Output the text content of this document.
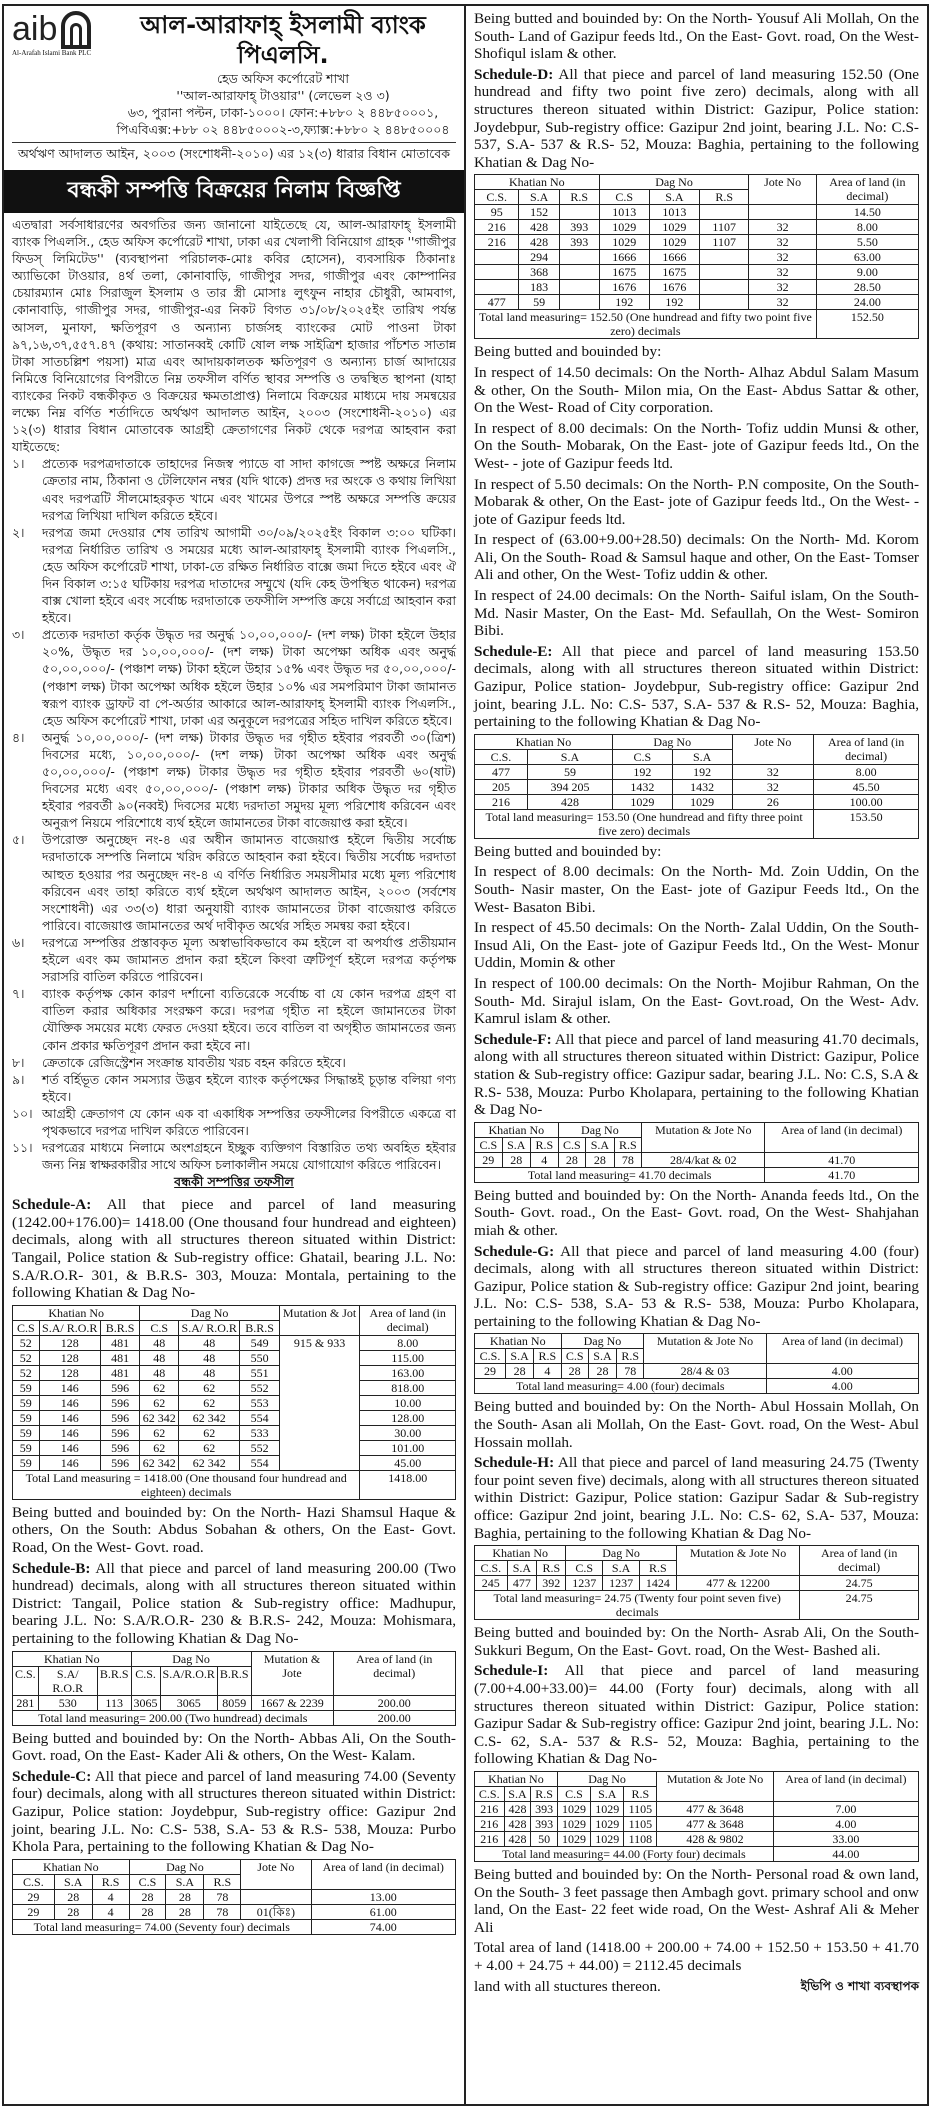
aib
Al-Arafah Islami Bank PLC
আল-আরাফাহ্ ইসলামী ব্যাংক পিএলসি.
হেড অফিস কর্পোরেট শাখা
''আল-আরাফাহ্ টাওয়ার'' (লেভেল ২ও ৩)
৬৩, পুরানা পল্টন, ঢাকা-১০০০। ফোন:+৮৮০ ২ ৪৪৮৫০০০১,
পিএবিএক্স:+৮৮ ০২ ৪৪৮৫০০০২-৩,ফ্যাক্স:+৮৮০ ২ ৪৪৮৫০০০৪
অর্থঋণ আদালত আইন, ২০০৩ (সংশোধনী-২০১০) এর ১২(৩) ধারার বিধান মোতাবেক
বন্ধকী সম্পত্তি বিক্রয়ের নিলাম বিজ্ঞপ্তি
এতদ্বারা সর্বসাধারণের অবগতির জন্য জানানো যাইতেছে যে, আল-আরাফাহ্ ইসলামী ব্যাংক পিএলসি., হেড অফিস কর্পোরেট শাখা, ঢাকা এর খেলাপী বিনিয়োগ গ্রাহক ''গাজীপুর ফিডস্ লিমিটেড'' (ব্যবস্থাপনা পরিচালক-মোঃ কবির হোসেন), ব্যবসায়িক ঠিকানাঃ অ্যাভিকো টাওয়ার, ৪র্থ তলা, কোনাবাড়ি, গাজীপুর সদর, গাজীপুর এবং কোম্পানির চেয়ারম্যান মোঃ সিরাজুল ইসলাম ও তার স্ত্রী মোসাঃ লুৎফুন নাহার চৌধুরী, আমবাগ, কোনাবাড়ি, গাজীপুর সদর, গাজীপুর-এর নিকট বিগত ৩১/০৮/২০২৫ইং তারিখ পর্যন্ত আসল, মুনাফা, ক্ষতিপূরণ ও অন্যান্য চার্জসহ ব্যাংকের মোট পাওনা টাকা ৯৭,১৬,৩৭,৫৫৭.৪৭ (কথায়: সাতানব্বই কোটি ষোল লক্ষ সাইত্রিশ হাজার পাঁচশত সাতান্ন টাকা সাতচল্লিশ পয়সা) মাত্র এবং আদায়কালতক ক্ষতিপূরণ ও অন্যান্য চার্জ আদায়ের নিমিত্তে বিনিয়োগের বিপরীতে নিম্ন তফসীল বর্ণিত স্থাবর সম্পত্তি ও তদ্বস্থিত স্থাপনা (যাহা ব্যাংকের নিকট বন্ধকীকৃত ও বিক্রয়ের ক্ষমতাপ্রাপ্ত) নিলামে বিক্রয়ের মাধ্যমে দায় সমন্বয়ের লক্ষ্যে নিম্ন বর্ণিত শর্তাদিতে অর্থঋণ আদালত আইন, ২০০৩ (সংশোধনী-২০১০) এর ১২(৩) ধারার বিধান মোতাবেক আগ্রহী ক্রেতাগণের নিকট থেকে দরপত্র আহবান করা যাইতেছে:
১।	প্রত্যেক দরপত্রদাতাকে তাহাদের নিজস্ব প্যাডে বা সাদা কাগজে স্পষ্ট অক্ষরে নিলাম ক্রেতার নাম, ঠিকানা ও টেলিফোন নম্বর (যদি থাকে) প্রদত্ত দর অংকে ও কথায় লিখিয়া এবং দরপত্রটি সীলমোহরকৃত খামে এবং খামের উপরে স্পষ্ট অক্ষরে সম্পত্তি ক্রয়ের দরপত্র লিখিয়া দাখিল করিতে হইবে।
২।	দরপত্র জমা দেওয়ার শেষ তারিখ আগামী ৩০/০৯/২০২৫ইং বিকাল ৩:০০ ঘটিকা। দরপত্র নির্ধারিত তারিখ ও সময়ের মধ্যে আল-আরাফাহ্ ইসলামী ব্যাংক পিএলসি., হেড অফিস কর্পোরেট শাখা, ঢাকা-তে রক্ষিত নির্ধারিত বাক্সে জমা দিতে হইবে এবং ঐ দিন বিকাল ৩:১৫ ঘটিকায় দরপত্র দাতাদের সম্মুখে (যদি কেহ উপস্থিত থাকেন) দরপত্র বাক্স খোলা হইবে এবং সর্বোচ্চ দরদাতাকে তফসীলি সম্পত্তি ক্রয়ে সর্বাগ্রে আহবান করা হইবে।
৩।	প্রত্যেক দরদাতা কর্তৃক উদ্ধৃত দর অনুর্দ্ধ ১০,০০,০০০/- (দশ লক্ষ) টাকা হইলে উহার ২০%, উদ্ধৃত দর ১০,০০,০০০/- (দশ লক্ষ) টাকা অপেক্ষা অধিক এবং অনুর্দ্ধ ৫০,০০,০০০/- (পঞ্চাশ লক্ষ) টাকা হইলে উহার ১৫% এবং উদ্ধৃত দর ৫০,০০,০০০/- (পঞ্চাশ লক্ষ) টাকা অপেক্ষা অধিক হইলে উহার ১০% এর সমপরিমাণ টাকা জামানত স্বরূপ ব্যাংক ড্রাফট বা পে-অর্ডার আকারে আল-আরাফাহ্ ইসলামী ব্যাংক পিএলসি., হেড অফিস কর্পোরেট শাখা, ঢাকা এর অনুকূলে দরপত্রের সহিত দাখিল করিতে হইবে।
৪।	অনুর্দ্ধ ১০,০০,০০০/- (দশ লক্ষ) টাকার উদ্ধৃত দর গৃহীত হইবার পরবর্তী ৩০(ত্রিশ) দিবসের মধ্যে, ১০,০০,০০০/- (দশ লক্ষ) টাকা অপেক্ষা অধিক এবং অনুর্দ্ধ ৫০,০০,০০০/- (পঞ্চাশ লক্ষ) টাকার উদ্ধৃত দর গৃহীত হইবার পরবর্তী ৬০(ষাট) দিবসের মধ্যে এবং ৫০,০০,০০০/- (পঞ্চাশ লক্ষ) টাকার অধিক উদ্ধৃত দর গৃহীত হইবার পরবর্তী ৯০(নব্বই) দিবসের মধ্যে দরদাতা সমুদয় মূল্য পরিশোধ করিবেন এবং অনুরূপ নিয়মে পরিশোধে ব্যর্থ হইলে জামানতের টাকা বাজেয়াপ্ত করা হইবে।
৫।	উপরোক্ত অনুচ্ছেদ নং-৪ এর অধীন জামানত বাজেয়াপ্ত হইলে দ্বিতীয় সর্বোচ্চ দরদাতাকে সম্পত্তি নিলামে খরিদ করিতে আহবান করা হইবে। দ্বিতীয় সর্বোচ্চ দরদাতা আহুত হওয়ার পর অনুচ্ছেদ নং-৪ এ বর্ণিত নির্ধারিত সময়সীমার মধ্যে মূল্য পরিশোধ করিবেন এবং তাহা করিতে ব্যর্থ হইলে অর্থঋণ আদালত আইন, ২০০৩ (সর্বশেষ সংশোধনী) এর ৩৩(৩) ধারা অনুযায়ী ব্যাংক জামানতের টাকা বাজেয়াপ্ত করিতে পারিবে। বাজেয়াপ্ত জামানতের অর্থ দাবীকৃত অর্থের সহিত সমন্বয় করা হইবে।
৬।	দরপত্রে সম্পত্তির প্রস্তাবকৃত মূল্য অস্বাভাবিকভাবে কম হইলে বা অপর্যাপ্ত প্রতীয়মান হইলে এবং কম জামানত প্রদান করা হইলে কিংবা ত্রুটিপূর্ণ হইলে দরপত্র কর্তৃপক্ষ সরাসরি বাতিল করিতে পারিবেন।
৭।	ব্যাংক কর্তৃপক্ষ কোন কারণ দর্শানো ব্যতিরেকে সর্বোচ্চ বা যে কোন দরপত্র গ্রহণ বা বাতিল করার অধিকার সংরক্ষণ করে। দরপত্র গৃহীত না হইলে জামানতের টাকা যৌক্তিক সময়ের মধ্যে ফেরত দেওয়া হইবে। তবে বাতিল বা অগৃহীত জামানতের জন্য কোন প্রকার ক্ষতিপূরণ প্রদান করা হইবে না।
৮।	ক্রেতাকে রেজিস্ট্রেশন সংক্রান্ত যাবতীয় খরচ বহন করিতে হইবে।
৯।	শর্ত বর্হিভূত কোন সমস্যার উদ্ভব হইলে ব্যাংক কর্তৃপক্ষের সিদ্ধান্তই চূড়ান্ত বলিয়া গণ্য হইবে।
১০। আগ্রহী ক্রেতাগণ যে কোন এক বা একাধিক সম্পত্তির তফসীলের বিপরীতে একত্রে বা পৃথকভাবে দরপত্র দাখিল করিতে পারিবেন।
১১। দরপত্রের মাধ্যমে নিলামে অংশগ্রহনে ইচ্ছুক ব্যক্তিগণ বিস্তারিত তথ্য অবহিত হইবার জন্য নিম্ন স্বাক্ষরকারীর সাথে অফিস চলাকালীন সময়ে যোগাযোগ করিতে পারিবেন।
বন্ধকী সম্পত্তির তফসীল

Schedule-A: All that piece and parcel of land measuring (1242.00+176.00)= 1418.00 (One thousand four hundread and eighteen) decimals, along with all structures thereon situated within District: Tangail, Police station & Sub-registry office: Ghatail, bearing J.L. No: S.A/R.O.R- 301, & B.R.S- 303, Mouza: Montala, pertaining to the following Khatian & Dag No-

Khatian No			Dag No			Mutation & Jot	Area of land (in decimal)
C.S	S.A/ R.O.R	B.R.S	C.S	S.A/ R.O.R	B.R.S		
52	128	481	48	48	549	915 & 933	8.00
52	128	481	48	48	550		115.00
52	128	481	48	48	551		163.00
59	146	596	62	62	552		818.00
59	146	596	62	62	553		10.00
59	146	596	62 342	62 342	554		128.00
59	146	596	62	62	533		30.00
59	146	596	62	62	552		101.00
59	146	596	62 342	62 342	554		45.00
Total Land measuring = 1418.00 (One thousand four hundread and eighteen) decimals							1418.00

Being butted and bouinded by: On the North- Hazi Shamsul Haque & others, On the South: Abdus Sobahan & others, On the East- Govt. Road, On the West- Govt. road.

Schedule-B: All that piece and parcel of land measuring 200.00 (Two hundread) decimals, along with all structures thereon situated within District: Tangail, Police station & Sub-registry office: Madhupur, bearing J.L. No: S.A/R.O.R- 230 & B.R.S- 242, Mouza: Mohismara, pertaining to the following Khatian & Dag No-

Khatian No			Dag No			Mutation & Jote	Area of land (in decimal)
C.S.	S.A/ R.O.R	B.R.S	C.S.	S.A/R.O.R	B.R.S		
281	530	113	3065	3065	8059	1667 & 2239	200.00
Total land measuring= 200.00 (Two hundread) decimals							200.00

Being butted and bouinded by: On the North- Abbas Ali, On the South- Govt. road, On the East- Kader Ali & others, On the West- Kalam.

Schedule-C: All that piece and parcel of land measuring 74.00 (Seventy four) decimals, along with all structures thereon situated within District: Gazipur, Police station: Joydebpur, Sub-registry office: Gazipur 2nd joint, bearing J.L. No: C.S- 538, S.A- 53 & R.S- 538, Mouza: Purbo Khola Para, pertaining to the following Khatian & Dag No-

Khatian No			Dag No			Jote No	Area of land (in decimal)
C.S.	S.A	R.S	C.S	S.A	R.S		
29	28	4	28	28	78		13.00
29	28	4	28	28	78	01(কিঃ)	61.00
Total land measuring= 74.00 (Seventy four) decimals							74.00

Being butted and bouinded by: On the North- Yousuf Ali Mollah, On the South- Land of Gazipur feeds ltd., On the East- Govt. road, On the West- Shofiqul islam & other.

Schedule-D: All that piece and parcel of land measuring 152.50 (One hundread and fifty two point five zero) decimals, along with all structures thereon situated within District: Gazipur, Police station: Joydebpur, Sub-registry office: Gazipur 2nd joint, bearing J.L. No: C.S- 537, S.A- 537 & R.S- 52, Mouza: Baghia, pertaining to the following Khatian & Dag No-

Khatian No			Dag No			Jote No	Area of land (in decimal)
C.S.	S.A	R.S	C.S	S.A	R.S		
95	152		1013	1013			14.50
216	428	393	1029	1029	1107	32	8.00
216	428	393	1029	1029	1107	32	5.50
	294		1666	1666		32	63.00
	368		1675	1675		32	9.00
	183		1676	1676		32	28.50
477	59		192	192		32	24.00
Total land measuring= 152.50 (One hundread and fifty two point five zero) decimals							152.50

Being butted and bouinded by:

In respect of 14.50 decimals: On the North- Alhaz Abdul Salam Masum & other, On the South- Milon mia, On the East- Abdus Sattar & other, On the West- Road of City corporation.

In respect of 8.00 decimals: On the North- Tofiz uddin Munsi & other, On the South- Mobarak, On the East- jote of Gazipur feeds ltd., On the West- - jote of Gazipur feeds ltd.

In respect of 5.50 decimals: On the North- P.N composite, On the South- Mobarak & other, On the East- jote of Gazipur feeds ltd., On the West- - jote of Gazipur feeds ltd.

In respect of (63.00+9.00+28.50) decimals: On the North- Md. Korom Ali, On the South- Road & Samsul haque and other, On the East- Tomser Ali and other, On the West- Tofiz uddin & other.

In respect of 24.00 decimals: On the North- Saiful islam, On the South- Md. Nasir Master, On the East- Md. Sefaullah, On the West- Somiron Bibi.

Schedule-E: All that piece and parcel of land measuring 153.50 decimals, along with all structures thereon situated within District: Gazipur, Police station- Joydebpur, Sub-registry office: Gazipur 2nd joint, bearing J.L. No: C.S- 537, S.A- 537 & R.S- 52, Mouza: Baghia, pertaining to the following Khatian & Dag No-

Khatian No		Dag No		Jote No	Area of land (in decimal)
C.S.	S.A	C.S	S.A		
477	59	192	192	32	8.00
205	394 205	1432	1432	32	45.50
216	428	1029	1029	26	100.00
Total land measuring= 153.50 (One hundread and fifty three point five zero) decimals					153.50

Being butted and bouinded by:

In respect of 8.00 decimals: On the North- Md. Zoin Uddin, On the South- Nasir master, On the East- jote of Gazipur Feeds ltd., On the West- Basaton Bibi.

In respect of 45.50 decimals: On the North- Zalal Uddin, On the South- Insud Ali, On the East- jote of Gazipur Feeds ltd., On the West- Monur Uddin, Momin & other

In respect of 100.00 decimals: On the North- Mojibur Rahman, On the South- Md. Sirajul islam, On the East- Govt.road, On the West- Adv. Kamrul islam & other.

Schedule-F: All that piece and parcel of land measuring 41.70 decimals, along with all structures thereon situated within District: Gazipur, Police station & Sub-registry office: Gazipur sadar, bearing J.L. No: C.S, S.A & R.S- 538, Mouza: Purbo Kholapara, pertaining to the following Khatian & Dag No-

Khatian No			Dag No			Mutation & Jote No	Area of land (in decimal)
C.S	S.A	R.S	C.S	S.A	R.S		
29	28	4	28	28	78	28/4/kat & 02	41.70
Total land measuring= 41.70 decimals							41.70

Being butted and bouinded by: On the North- Ananda feeds ltd., On the South- Govt. road., On the East- Govt. road, On the West- Shahjahan miah & other.

Schedule-G: All that piece and parcel of land measuring 4.00 (four) decimals, along with all structures thereon situated within District: Gazipur, Police station & Sub-registry office: Gazipur 2nd joint, bearing J.L. No: C.S- 538, S.A- 53 & R.S- 538, Mouza: Purbo Kholapara, pertaining to the following Khatian & Dag No-

Khatian No			Dag No			Mutation & Jote No	Area of land (in decimal)
C.S.	S.A	R.S	C.S	S.A	R.S		
29	28	4	28	28	78	28/4 & 03	4.00
Total land measuring= 4.00 (four) decimals							4.00

Being butted and bouinded by: On the North- Abul Hossain Mollah, On the South- Asan ali Mollah, On the East- Govt. road, On the West- Abul Hossain mollah.

Schedule-H: All that piece and parcel of land measuring 24.75 (Twenty four point seven five) decimals, along with all structures thereon situated within District: Gazipur, Police station: Gazipur Sadar & Sub-registry office: Gazipur 2nd joint, bearing J.L. No: C.S- 62, S.A- 537, Mouza: Baghia, pertaining to the following Khatian & Dag No-

Khatian No			Dag No			Mutation & Jote No	Area of land (in decimal)
C.S.	S.A	R.S	C.S	S.A	R.S		
245	477	392	1237	1237	1424	477 & 12200	24.75
Total land measuring= 24.75 (Twenty four point seven five) decimals							24.75

Being butted and bouinded by: On the North- Asrab Ali, On the South- Sukkuri Begum, On the East- Govt. road, On the West- Bashed ali.

Schedule-I: All that piece and parcel of land measuring (7.00+4.00+33.00)= 44.00 (Forty four) decimals, along with all structures thereon situated within District: Gazipur, Police station: Gazipur Sadar & Sub-registry office: Gazipur 2nd joint, bearing J.L. No: C.S- 62, S.A- 537 & R.S- 52, Mouza: Baghia, pertaining to the following Khatian & Dag No-

Khatian No			Dag No			Mutation & Jote No	Area of land (in decimal)
C.S.	S.A	R.S	C.S	S.A	R.S		
216	428	393	1029	1029	1105	477 & 3648	7.00
216	428	393	1029	1029	1105	477 & 3648	4.00
216	428	50	1029	1029	1108	428 & 9802	33.00
Total land measuring= 44.00 (Forty four) decimals							44.00

Being butted and bouinded by: On the North- Personal road & own land, On the South- 3 feet passage then Ambagh govt. primary school and onw land, On the East- 22 feet wide road, On the West- Ashraf Ali & Meher Ali

Total area of land (1418.00 + 200.00 + 74.00 + 152.50 + 153.50 + 41.70 + 4.00 + 24.75 + 44.00) = 2112.45 decimals
land with all stuctures thereon.	ইভিপি ও শাখা ব্যবস্থাপক
